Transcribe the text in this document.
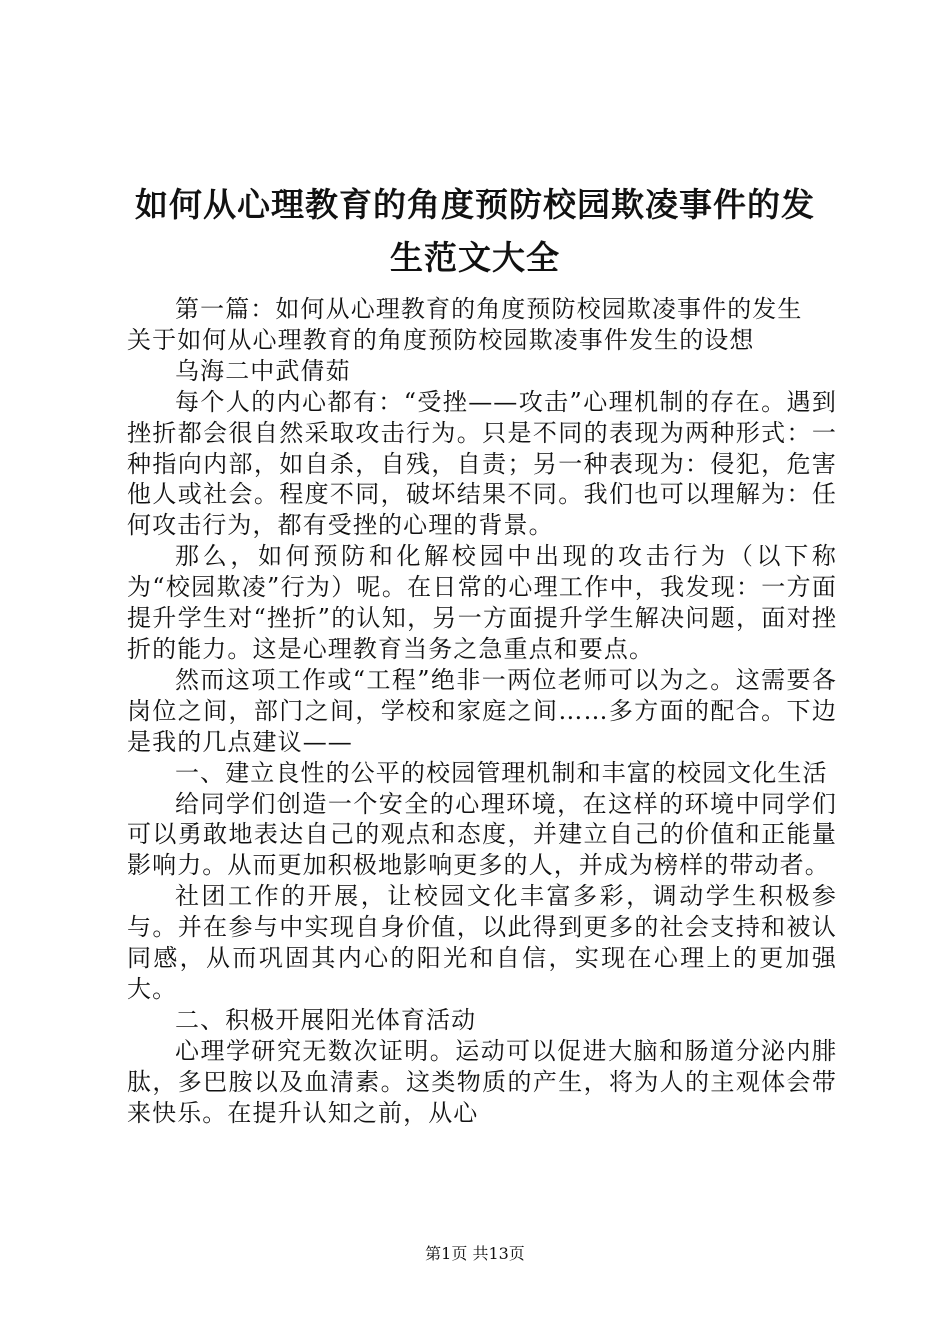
如何从心理教育的角度预防校园欺凌事件的发
生范文大全

第一篇：如何从心理教育的角度预防校园欺凌事件的发生

关于如何从心理教育的角度预防校园欺凌事件发生的设想

乌海二中武倩茹

每个人的内心都有：“受挫——攻击”心理机制的存在。遇到挫折都会很自然采取攻击行为。只是不同的表现为两种形式：一种指向内部，如自杀，自残，自责；另一种表现为：侵犯，危害他人或社会。程度不同，破坏结果不同。我们也可以理解为：任何攻击行为，都有受挫的心理的背景。

那么，如何预防和化解校园中出现的攻击行为（以下称为“校园欺凌”行为）呢。在日常的心理工作中，我发现：一方面提升学生对“挫折”的认知，另一方面提升学生解决问题，面对挫折的能力。这是心理教育当务之急重点和要点。

然而这项工作或“工程”绝非一两位老师可以为之。这需要各岗位之间，部门之间，学校和家庭之间……多方面的配合。下边是我的几点建议——

一、建立良性的公平的校园管理机制和丰富的校园文化生活

给同学们创造一个安全的心理环境，在这样的环境中同学们可以勇敢地表达自己的观点和态度，并建立自己的价值和正能量影响力。从而更加积极地影响更多的人，并成为榜样的带动者。

社团工作的开展，让校园文化丰富多彩，调动学生积极参与。并在参与中实现自身价值，以此得到更多的社会支持和被认同感，从而巩固其内心的阳光和自信，实现在心理上的更加强大。

二、积极开展阳光体育活动

心理学研究无数次证明。运动可以促进大脑和肠道分泌内腓肽，多巴胺以及血清素。这类物质的产生，将为人的主观体会带来快乐。在提升认知之前，从心

第1页 共13页
